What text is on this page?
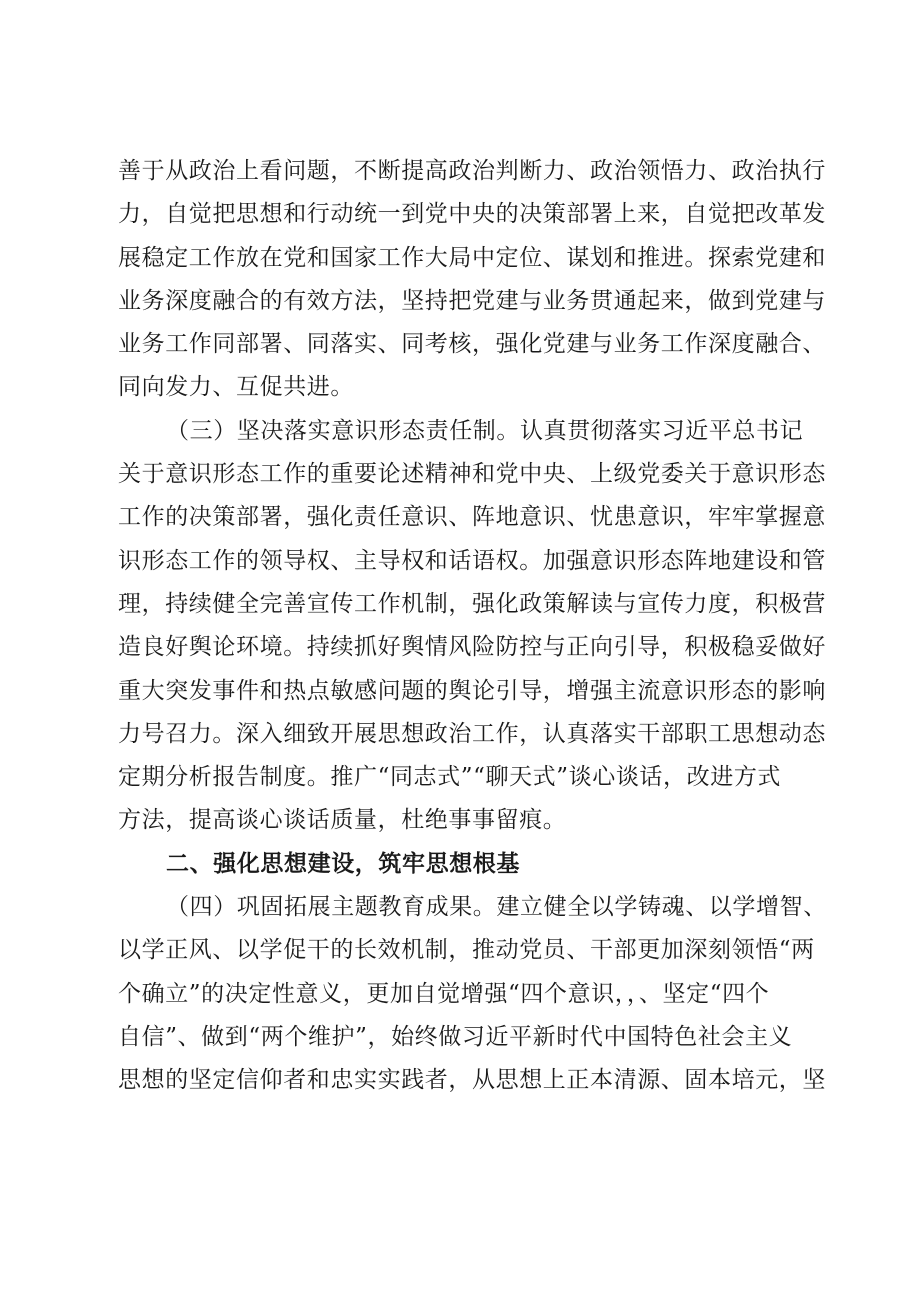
善于从政治上看问题，不断提高政治判断力、政治领悟力、政治执行
力，自觉把思想和行动统一到党中央的决策部署上来，自觉把改革发
展稳定工作放在党和国家工作大局中定位、谋划和推进。探索党建和
业务深度融合的有效方法，坚持把党建与业务贯通起来，做到党建与
业务工作同部署、同落实、同考核，强化党建与业务工作深度融合、
同向发力、互促共进。

（三）坚决落实意识形态责任制。认真贯彻落实习近平总书记
关于意识形态工作的重要论述精神和党中央、上级党委关于意识形态
工作的决策部署，强化责任意识、阵地意识、忧患意识，牢牢掌握意
识形态工作的领导权、主导权和话语权。加强意识形态阵地建设和管
理，持续健全完善宣传工作机制，强化政策解读与宣传力度，积极营
造良好舆论环境。持续抓好舆情风险防控与正向引导，积极稳妥做好
重大突发事件和热点敏感问题的舆论引导，增强主流意识形态的影响
力号召力。深入细致开展思想政治工作，认真落实干部职工思想动态
定期分析报告制度。推广“同志式”“聊天式”谈心谈话，改进方式
方法，提高谈心谈话质量，杜绝事事留痕。

二、强化思想建设，筑牢思想根基

（四）巩固拓展主题教育成果。建立健全以学铸魂、以学增智、
以学正风、以学促干的长效机制，推动党员、干部更加深刻领悟“两
个确立”的决定性意义，更加自觉增强“四个意识，，、坚定“四个
自信”、做到“两个维护”，始终做习近平新时代中国特色社会主义
思想的坚定信仰者和忠实实践者，从思想上正本清源、固本培元，坚
